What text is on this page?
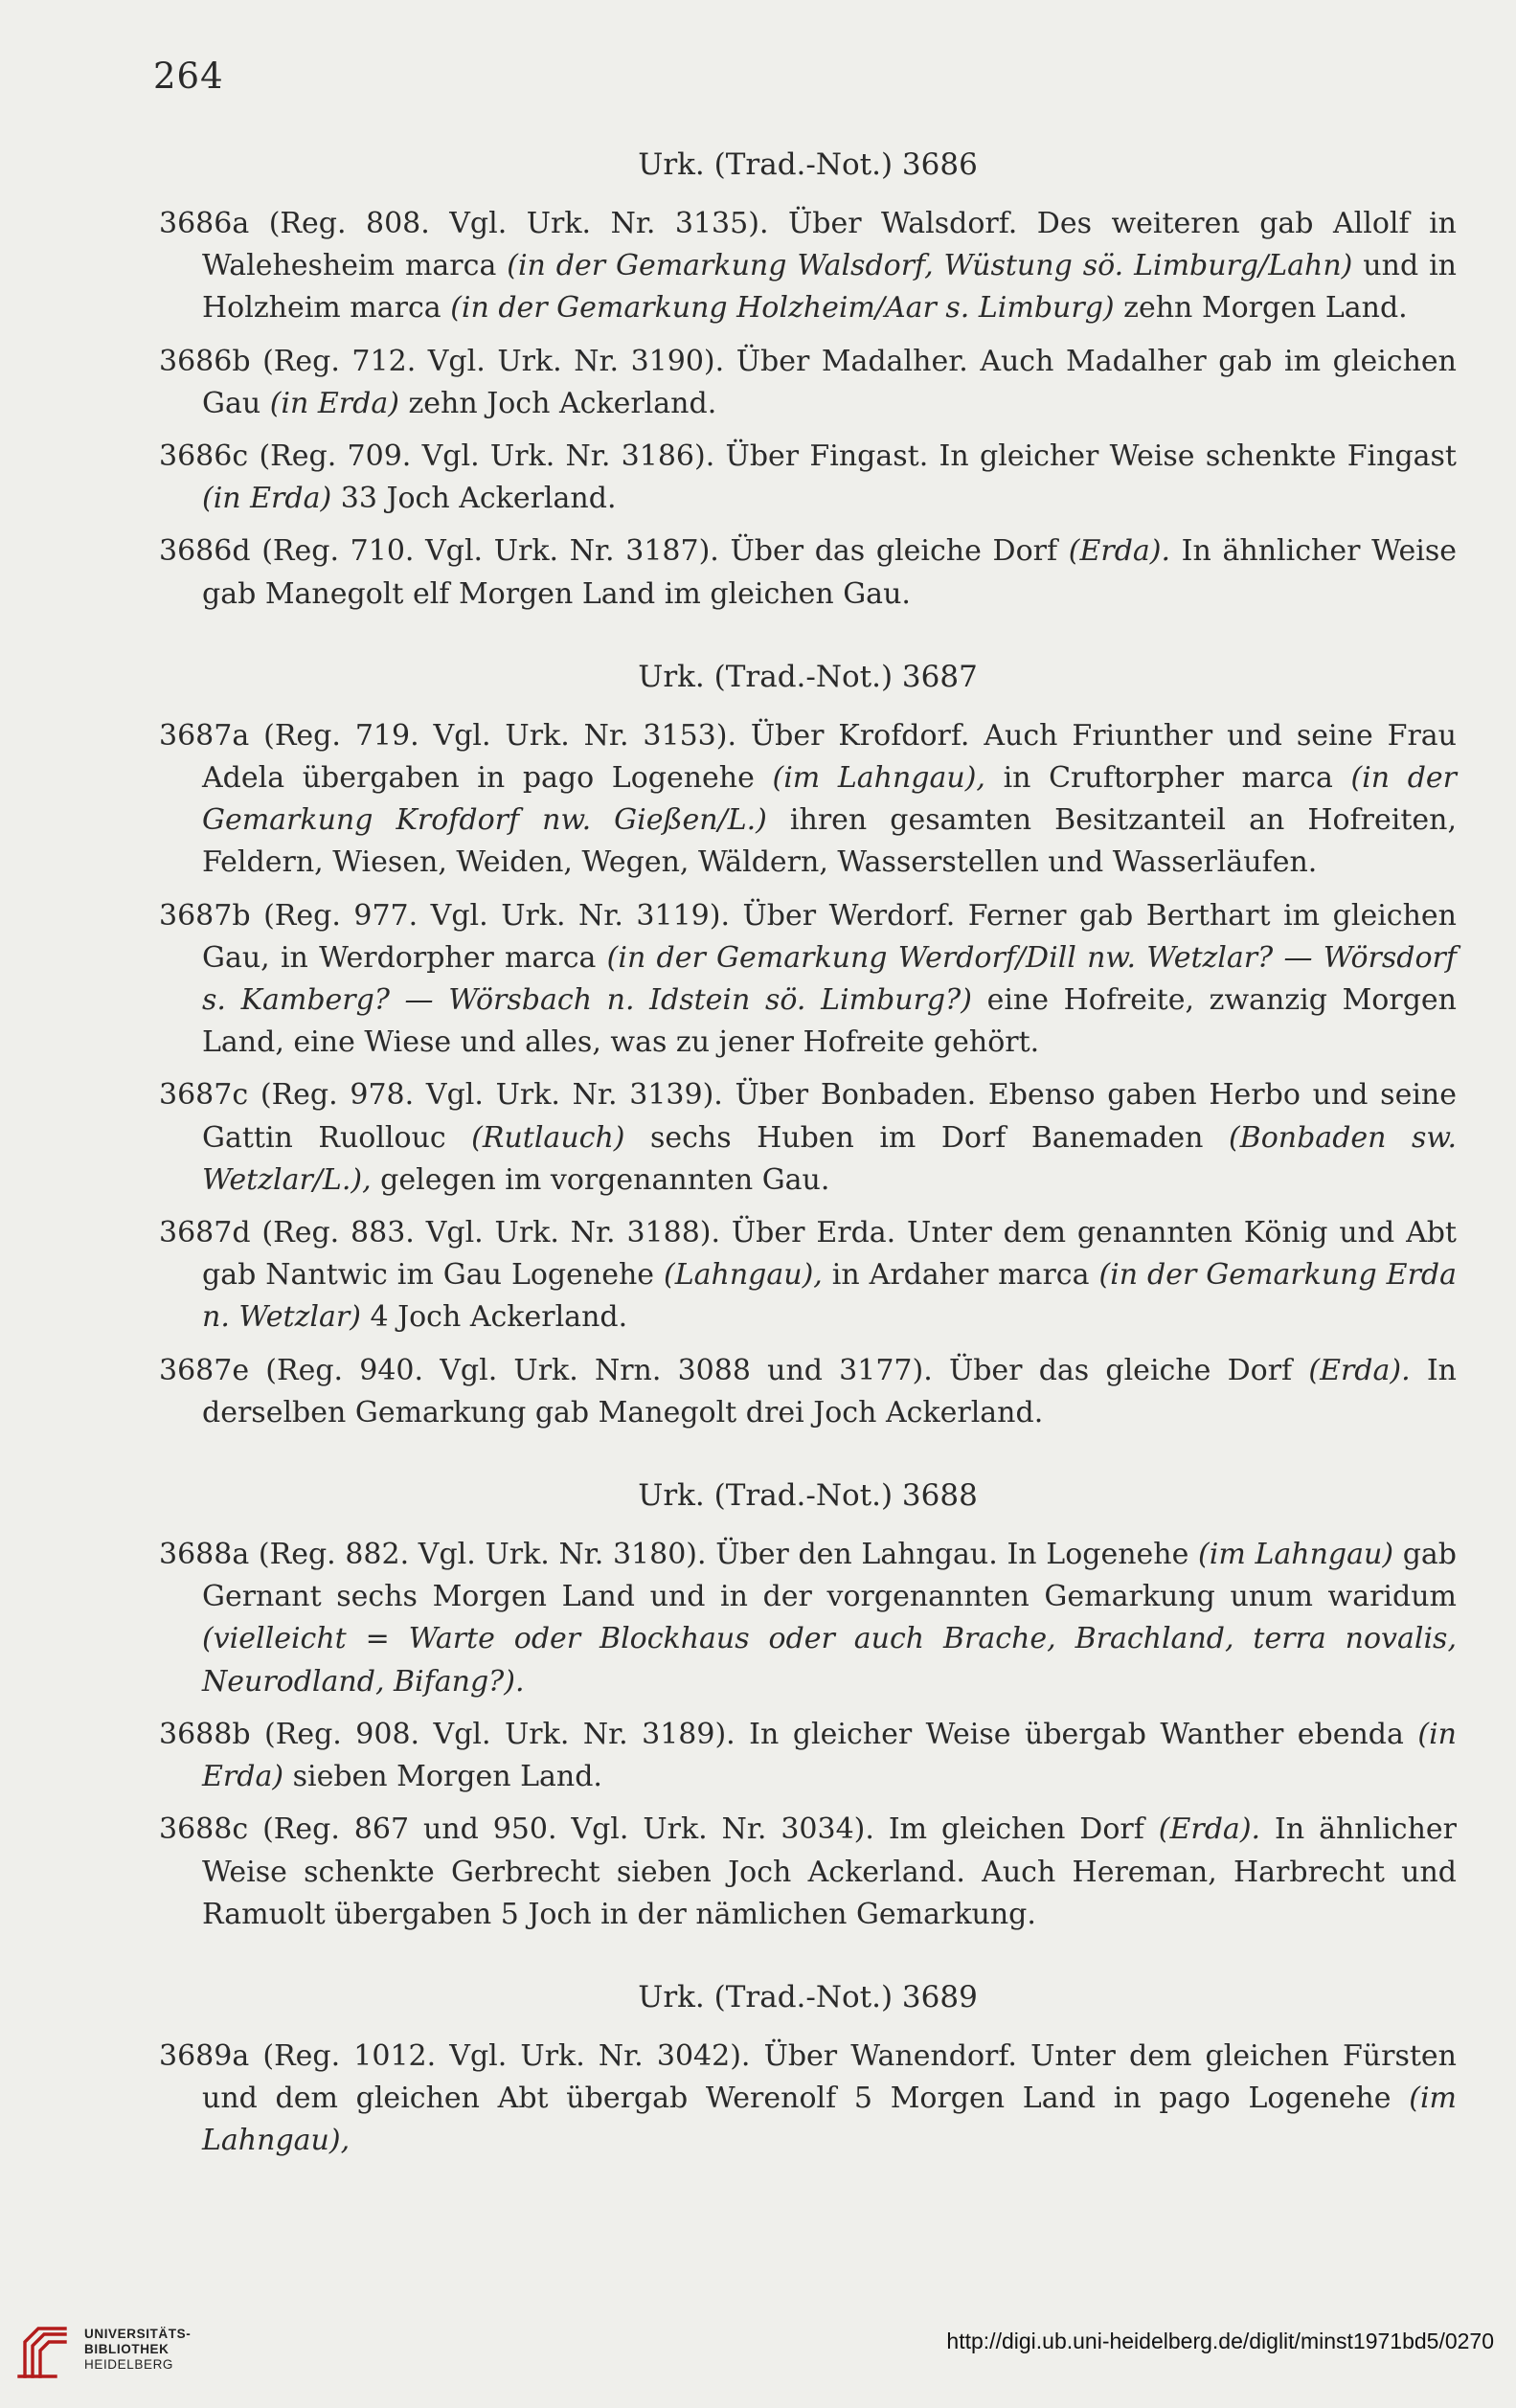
264
Urk. (Trad.-Not.) 3686

3686a (Reg. 808. Vgl. Urk. Nr. 3135). Über Walsdorf. Des weiteren gab Allolf in Walehesheim marca (in der Gemarkung Walsdorf, Wüstung sö. Limburg/Lahn) und in Holzheim marca (in der Gemarkung Holzheim/Aar s. Limburg) zehn Morgen Land.

3686b (Reg. 712. Vgl. Urk. Nr. 3190). Über Madalher. Auch Madalher gab im gleichen Gau (in Erda) zehn Joch Ackerland.

3686c (Reg. 709. Vgl. Urk. Nr. 3186). Über Fingast. In gleicher Weise schenkte Fingast (in Erda) 33 Joch Ackerland.

3686d (Reg. 710. Vgl. Urk. Nr. 3187). Über das gleiche Dorf (Erda). In ähnlicher Weise gab Manegolt elf Morgen Land im gleichen Gau.

Urk. (Trad.-Not.) 3687

3687a (Reg. 719. Vgl. Urk. Nr. 3153). Über Krofdorf. Auch Friunther und seine Frau Adela übergaben in pago Logenehe (im Lahngau), in Cruftorpher marca (in der Gemarkung Krofdorf nw. Gießen/L.) ihren gesamten Besitzanteil an Hofreiten, Feldern, Wiesen, Weiden, Wegen, Wäldern, Wasserstellen und Wasserläufen.

3687b (Reg. 977. Vgl. Urk. Nr. 3119). Über Werdorf. Ferner gab Berthart im gleichen Gau, in Werdorpher marca (in der Gemarkung Werdorf/Dill nw. Wetzlar? — Wörsdorf s. Kamberg? — Wörsbach n. Idstein sö. Limburg?) eine Hofreite, zwanzig Morgen Land, eine Wiese und alles, was zu jener Hofreite gehört.

3687c (Reg. 978. Vgl. Urk. Nr. 3139). Über Bonbaden. Ebenso gaben Herbo und seine Gattin Ruollouc (Rutlauch) sechs Huben im Dorf Banemaden (Bonbaden sw. Wetzlar/L.), gelegen im vorgenannten Gau.

3687d (Reg. 883. Vgl. Urk. Nr. 3188). Über Erda. Unter dem genannten König und Abt gab Nantwic im Gau Logenehe (Lahngau), in Ardaher marca (in der Gemarkung Erda n. Wetzlar) 4 Joch Ackerland.

3687e (Reg. 940. Vgl. Urk. Nrn. 3088 und 3177). Über das gleiche Dorf (Erda). In derselben Gemarkung gab Manegolt drei Joch Ackerland.

Urk. (Trad.-Not.) 3688

3688a (Reg. 882. Vgl. Urk. Nr. 3180). Über den Lahngau. In Logenehe (im Lahngau) gab Gernant sechs Morgen Land und in der vorgenannten Gemarkung unum waridum (vielleicht = Warte oder Blockhaus oder auch Brache, Brachland, terra novalis, Neurodland, Bifang?).

3688b (Reg. 908. Vgl. Urk. Nr. 3189). In gleicher Weise übergab Wanther ebenda (in Erda) sieben Morgen Land.

3688c (Reg. 867 und 950. Vgl. Urk. Nr. 3034). Im gleichen Dorf (Erda). In ähnlicher Weise schenkte Gerbrecht sieben Joch Ackerland. Auch Hereman, Harbrecht und Ramuolt übergaben 5 Joch in der nämlichen Gemarkung.

Urk. (Trad.-Not.) 3689

3689a (Reg. 1012. Vgl. Urk. Nr. 3042). Über Wanendorf. Unter dem gleichen Fürsten und dem gleichen Abt übergab Werenolf 5 Morgen Land in pago Logenehe (im Lahngau),

UNIVERSITÄTS-
BIBLIOTHEK
HEIDELBERG
http://digi.ub.uni-heidelberg.de/diglit/minst1971bd5/0270
